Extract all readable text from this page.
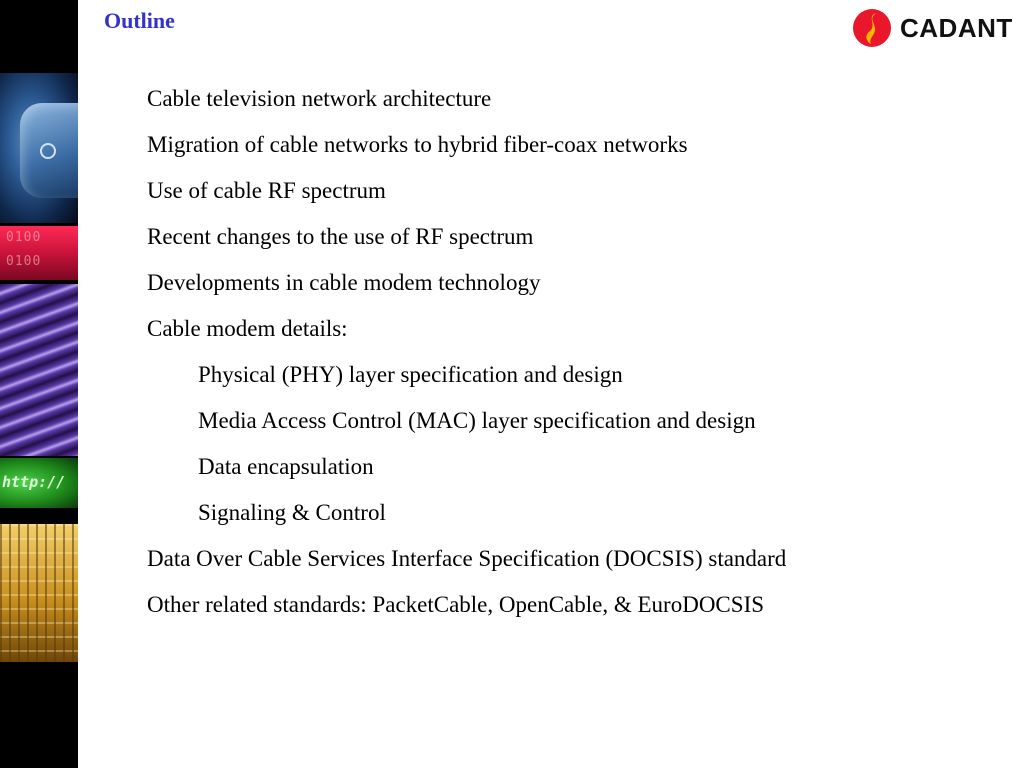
0100
0100
http://
Outline	CADANT
Cable television network architecture
Migration of cable networks to hybrid fiber-coax networks
Use of cable RF spectrum
Recent changes to the use of RF spectrum
Developments in cable modem technology
Cable modem details:
Physical (PHY) layer specification and design
Media Access Control (MAC) layer specification and design
Data encapsulation
Signaling & Control
Data Over Cable Services Interface Specification (DOCSIS) standard
Other related standards: PacketCable, OpenCable, & EuroDOCSIS
